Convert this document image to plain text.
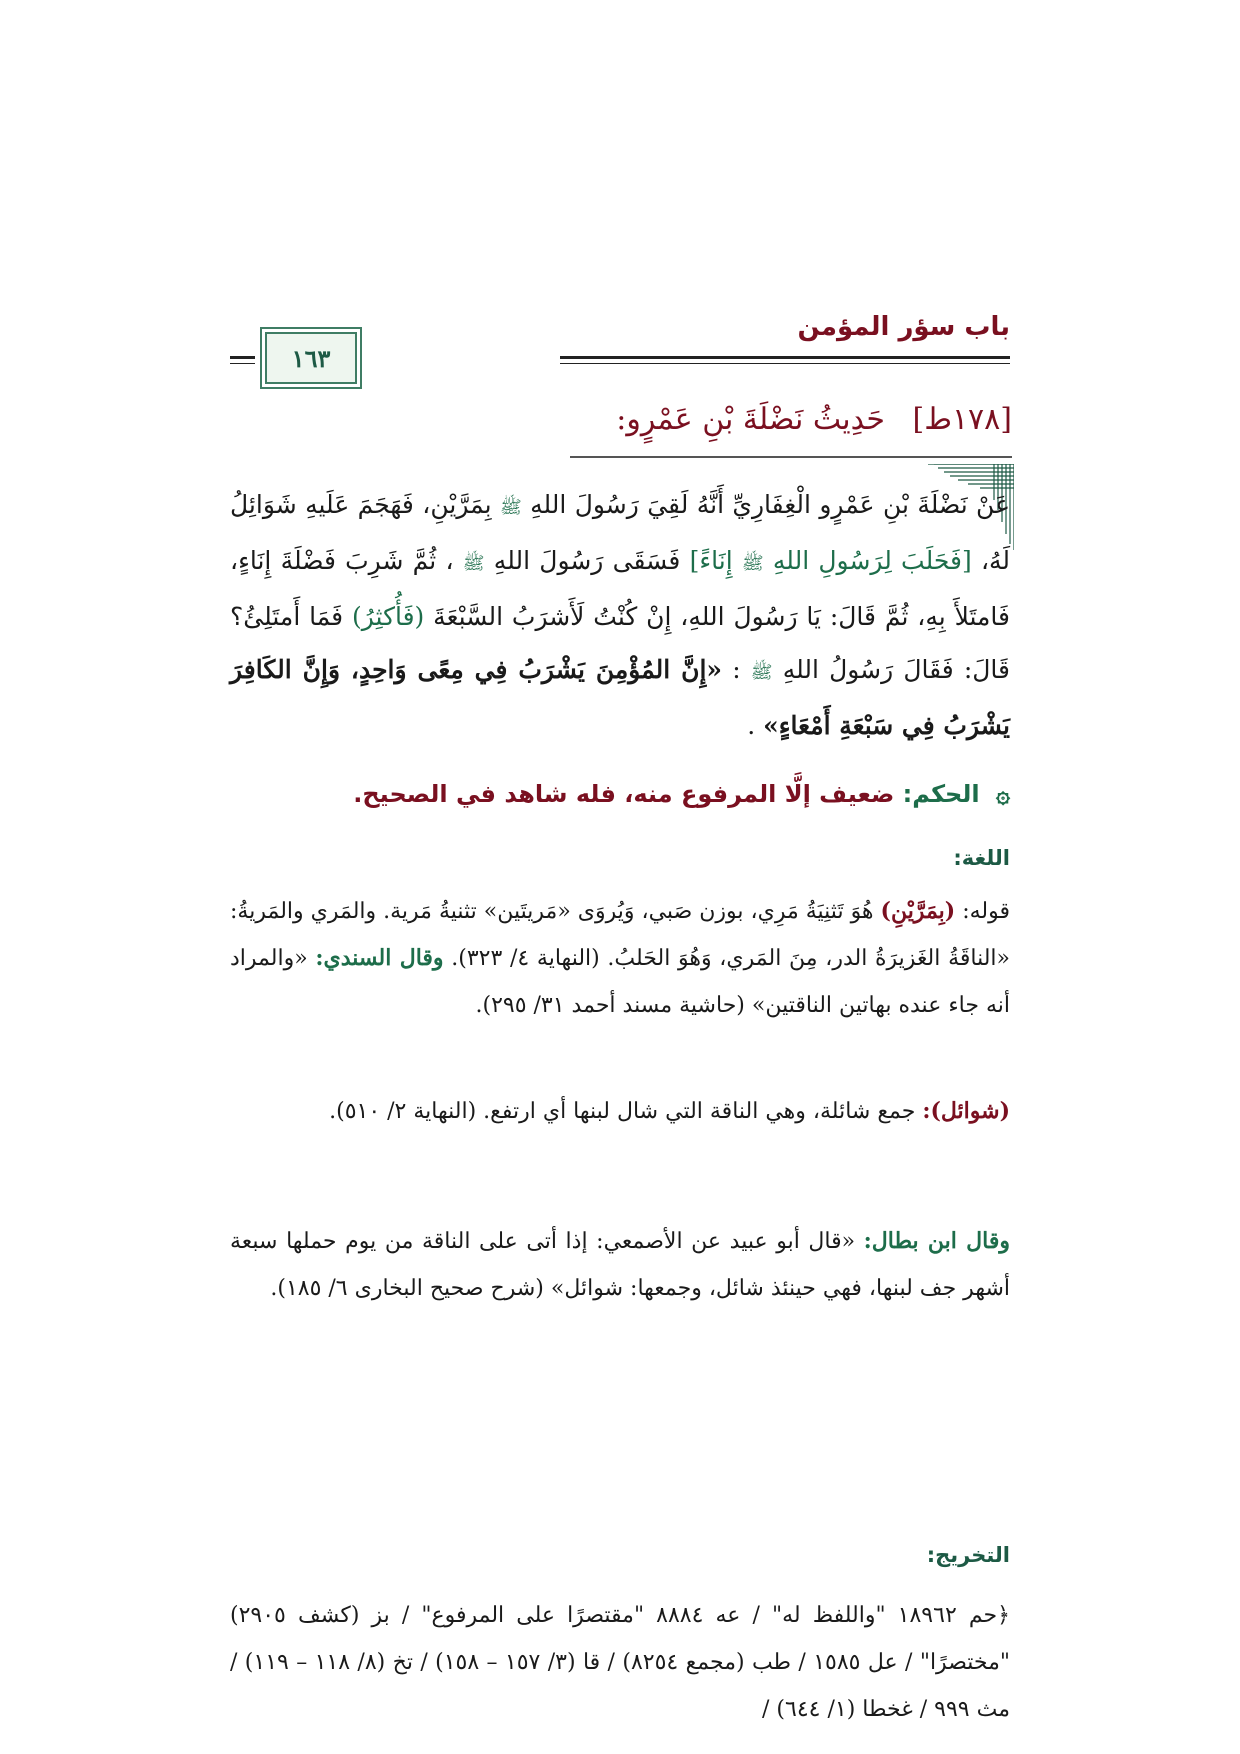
باب سؤر المؤمن
١٦٣
[١٧٨ط] حَدِيثُ نَضْلَةَ بْنِ عَمْرٍو:
عَنْ نَضْلَةَ بْنِ عَمْرٍو الْغِفَارِيِّ أَنَّهُ لَقِيَ رَسُولَ اللهِ ﷺ بِمَرَّيْنِ، فَهَجَمَ عَلَيهِ شَوَائِلُ لَهُ، [فَحَلَبَ لِرَسُولِ اللهِ ﷺ إِنَاءً] فَسَقَى رَسُولَ اللهِ ﷺ ، ثُمَّ شَرِبَ فَضْلَةَ إِنَاءٍ، فَامتَلأَ بِهِ، ثُمَّ قَالَ: يَا رَسُولَ اللهِ، إِنْ كُنْتُ لَأَشرَبُ السَّبْعَةَ (فَأُكثِرُ) فَمَا أَمتَلِئُ؟ قَالَ: فَقَالَ رَسُولُ اللهِ ﷺ : «إِنَّ المُؤْمِنَ يَشْرَبُ فِي مِعًى وَاحِدٍ، وَإِنَّ الكَافِرَ يَشْرَبُ فِي سَبْعَةِ أَمْعَاءٍ» .
۞ الحكم: ضعيف إلَّا المرفوع منه، فله شاهد في الصحيح.
اللغة:
قوله: (بِمَرَّيْنِ) هُوَ تَثنِيَةُ مَرِي، بوزن صَبي، وَيُروَى «مَريتَين» تثنيةُ مَرية. والمَري والمَريةُ: «الناقَةُ الغَزيرَةُ الدر، مِنَ المَري، وَهُوَ الحَلبُ. (النهاية ٤/ ٣٢٣). وقال السندي: «والمراد أنه جاء عنده بهاتين الناقتين» (حاشية مسند أحمد ٣١/ ٢٩٥).
(شوائل): جمع شائلة، وهي الناقة التي شال لبنها أي ارتفع. (النهاية ٢/ ٥١٠).
وقال ابن بطال: «قال أبو عبيد عن الأصمعي: إذا أتى على الناقة من يوم حملها سبعة أشهر جف لبنها، فهي حينئذ شائل، وجمعها: شوائل» (شرح صحيح البخارى ٦/ ١٨٥).
التخريج:
﴿حم ١٨٩٦٢ "واللفظ له" / عه ٨٨٨٤ "مقتصرًا على المرفوع" / بز (كشف ٢٩٠٥) "مختصرًا" / عل ١٥٨٥ / طب (مجمع ٨٢٥٤) / قا (٣/ ١٥٧ – ١٥٨) / تخ (٨/ ١١٨ – ١١٩) / مث ٩٩٩ / غخطا (١/ ٦٤٤) /
